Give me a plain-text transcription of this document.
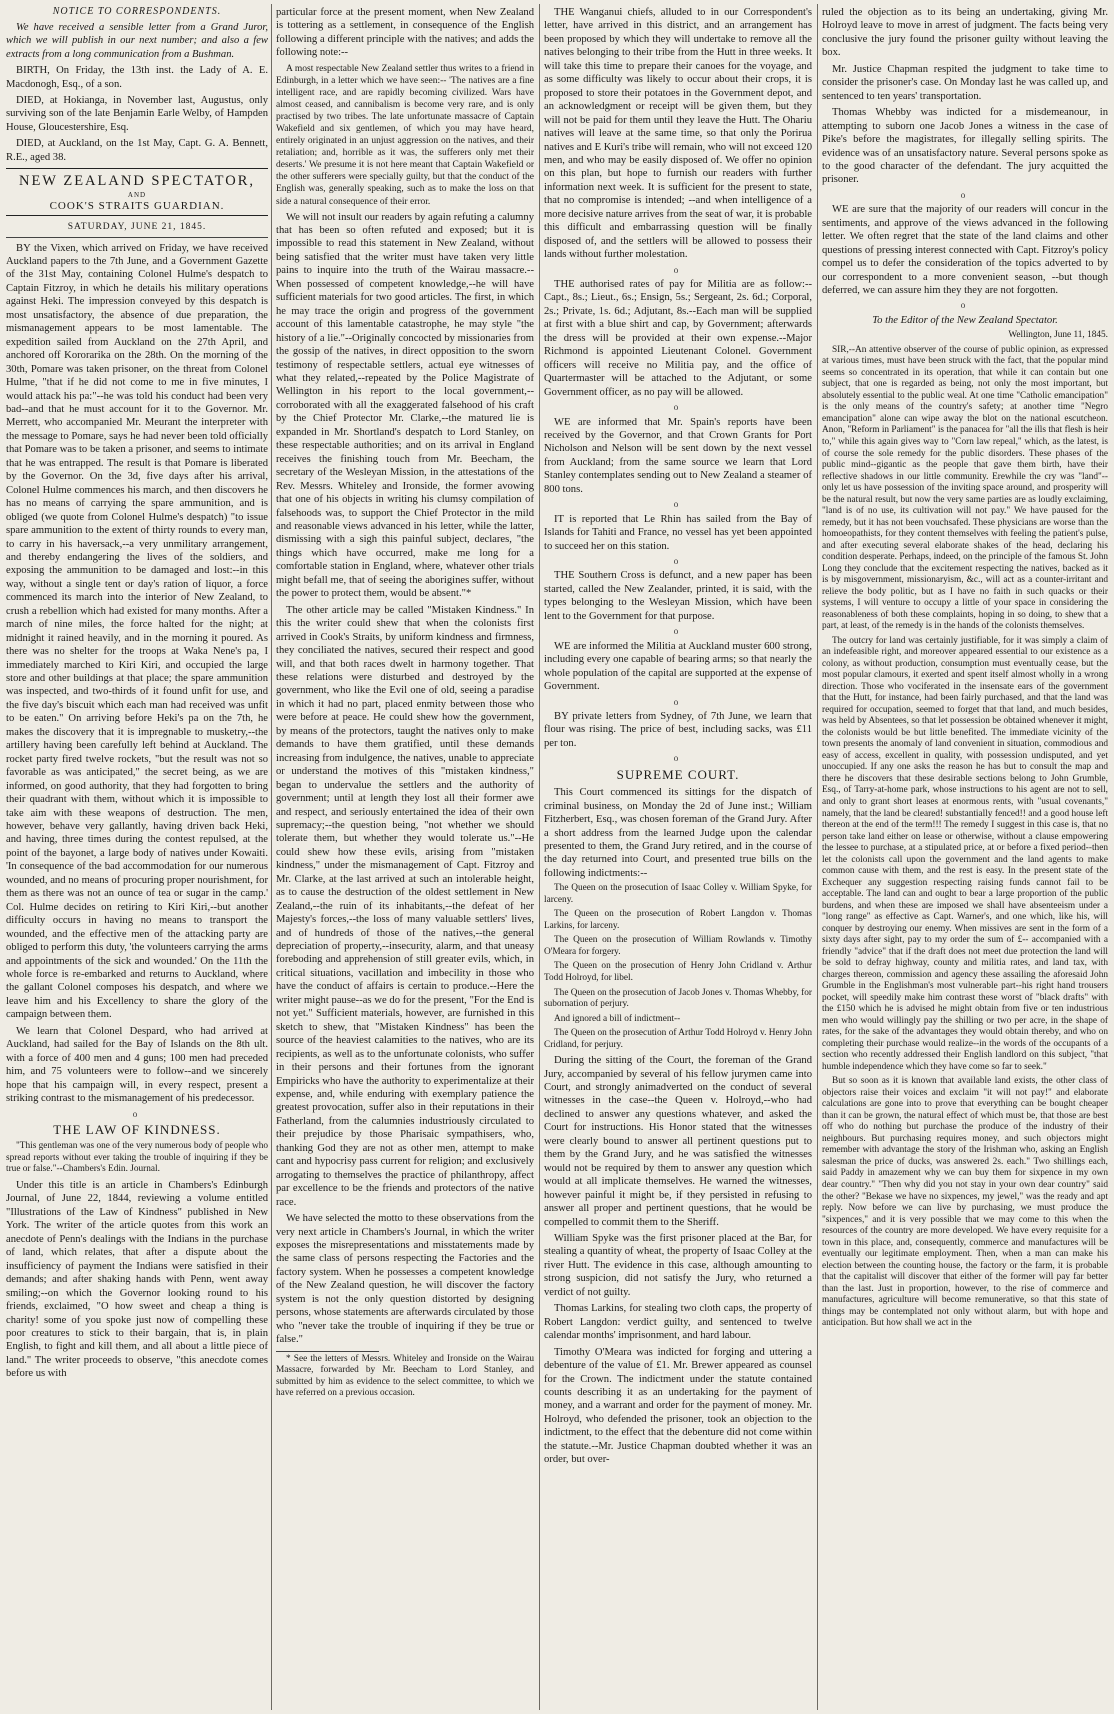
NOTICE TO CORRESPONDENTS.

We have received a sensible letter from a Grand Juror, which we will publish in our next number; and also a few extracts from a long communication from a Bushman.

BIRTH, On Friday, the 13th inst. the Lady of A. E. Macdonogh, Esq., of a son.

DIED, at Hokianga, in November last, Augustus, only surviving son of the late Benjamin Earle Welby, of Hampden House, Gloucestershire, Esq.

DIED, at Auckland, on the 1st May, Capt. G. A. Bennett, R.E., aged 38.

NEW ZEALAND SPECTATOR,
AND
COOK'S STRAITS GUARDIAN.
SATURDAY, JUNE 21, 1845.

BY the Vixen, which arrived on Friday, we have received Auckland papers to the 7th June, and a Government Gazette of the 31st May, containing Colonel Hulme's despatch to Captain Fitzroy, in which he details his military operations against Heki. The impression conveyed by this despatch is most unsatisfactory, the absence of due preparation, the mismanagement appears to be most lamentable. The expedition sailed from Auckland on the 27th April, and anchored off Kororarika on the 28th. On the morning of the 30th, Pomare was taken prisoner, on the threat from Colonel Hulme, "that if he did not come to me in five minutes, I would attack his pa:"--he was told his conduct had been very bad--and that he must account for it to the Governor. Mr. Merrett, who accompanied Mr. Meurant the interpreter with the message to Pomare, says he had never been told officially that Pomare was to be taken a prisoner, and seems to intimate that he was entrapped. The result is that Pomare is liberated by the Governor. On the 3d, five days after his arrival, Colonel Hulme commences his march, and then discovers he has no means of carrying the spare ammunition, and is obliged (we quote from Colonel Hulme's despatch) "to issue spare ammunition to the extent of thirty rounds to every man, to carry in his haversack,--a very unmilitary arrangement, and thereby endangering the lives of the soldiers, and exposing the ammunition to be damaged and lost:--in this way, without a single tent or day's ration of liquor, a force commenced its march into the interior of New Zealand, to crush a rebellion which had existed for many months. After a march of nine miles, the force halted for the night; at midnight it rained heavily, and in the morning it poured. As there was no shelter for the troops at Waka Nene's pa, I immediately marched to Kiri Kiri, and occupied the large store and other buildings at that place; the spare ammunition was inspected, and two-thirds of it found unfit for use, and the five day's biscuit which each man had received was unfit to be eaten." On arriving before Heki's pa on the 7th, he makes the discovery that it is impregnable to musketry,--the artillery having been carefully left behind at Auckland. The rocket party fired twelve rockets, "but the result was not so favorable as was anticipated," the secret being, as we are informed, on good authority, that they had forgotten to bring their quadrant with them, without which it is impossible to take aim with these weapons of destruction. The men, however, behave very gallantly, having driven back Heki, and having, three times during the contest repulsed, at the point of the bayonet, a large body of natives under Kowaiti. 'In consequence of the bad accommodation for our numerous wounded, and no means of procuring proper nourishment, for them as there was not an ounce of tea or sugar in the camp.' Col. Hulme decides on retiring to Kiri Kiri,--but another difficulty occurs in having no means to transport the wounded, and the effective men of the attacking party are obliged to perform this duty, 'the volunteers carrying the arms and appointments of the sick and wounded.' On the 11th the whole force is re-embarked and returns to Auckland, where the gallant Colonel composes his despatch, and where we leave him and his Excellency to share the glory of the campaign between them.

We learn that Colonel Despard, who had arrived at Auckland, had sailed for the Bay of Islands on the 8th ult. with a force of 400 men and 4 guns; 100 men had preceded him, and 75 volunteers were to follow--and we sincerely hope that his campaign will, in every respect, present a striking contrast to the mismanagement of his predecessor.

o
THE LAW OF KINDNESS.

"This gentleman was one of the very numerous body of people who spread reports without ever taking the trouble of inquiring if they be true or false."--Chambers's Edin. Journal.

Under this title is an article in Chambers's Edinburgh Journal, of June 22, 1844, reviewing a volume entitled "Illustrations of the Law of Kindness" published in New York. The writer of the article quotes from this work an anecdote of Penn's dealings with the Indians in the purchase of land, which relates, that after a dispute about the insufficiency of payment the Indians were satisfied in their demands; and after shaking hands with Penn, went away smiling;--on which the Governor looking round to his friends, exclaimed, "O how sweet and cheap a thing is charity! some of you spoke just now of compelling these poor creatures to stick to their bargain, that is, in plain English, to fight and kill them, and all about a little piece of land." The writer proceeds to observe, "this anecdote comes before us with

particular force at the present moment, when New Zealand is tottering as a settlement, in consequence of the English following a different principle with the natives; and adds the following note:--

A most respectable New Zealand settler thus writes to a friend in Edinburgh, in a letter which we have seen:-- 'The natives are a fine intelligent race, and are rapidly becoming civilized. Wars have almost ceased, and cannibalism is become very rare, and is only practised by two tribes. The late unfortunate massacre of Captain Wakefield and six gentlemen, of which you may have heard, entirely originated in an unjust aggression on the natives, and their retaliation; and, horrible as it was, the sufferers only met their deserts.' We presume it is not here meant that Captain Wakefield or the other sufferers were specially guilty, but that the conduct of the English was, generally speaking, such as to make the loss on that side a natural consequence of their error.

We will not insult our readers by again refuting a calumny that has been so often refuted and exposed; but it is impossible to read this statement in New Zealand, without being satisfied that the writer must have taken very little pains to inquire into the truth of the Wairau massacre.--When possessed of competent knowledge,--he will have sufficient materials for two good articles. The first, in which he may trace the origin and progress of the government account of this lamentable catastrophe, he may style "the history of a lie."--Originally concocted by missionaries from the gossip of the natives, in direct opposition to the sworn testimony of respectable settlers, actual eye witnesses of what they related,--repeated by the Police Magistrate of Wellington in his report to the local government,--corroborated with all the exaggerated falsehood of his craft by the Chief Protector Mr. Clarke,--the matured lie is expanded in Mr. Shortland's despatch to Lord Stanley, on these respectable authorities; and on its arrival in England receives the finishing touch from Mr. Beecham, the secretary of the Wesleyan Mission, in the attestations of the Rev. Messrs. Whiteley and Ironside, the former avowing that one of his objects in writing his clumsy compilation of falsehoods was, to support the Chief Protector in the mild and reasonable views advanced in his letter, while the latter, dismissing with a sigh this painful subject, declares, "the things which have occurred, make me long for a comfortable station in England, where, whatever other trials might befall me, that of seeing the aborigines suffer, without the power to protect them, would be absent."*

The other article may be called "Mistaken Kindness." In this the writer could shew that when the colonists first arrived in Cook's Straits, by uniform kindness and firmness, they conciliated the natives, secured their respect and good will, and that both races dwelt in harmony together. That these relations were disturbed and destroyed by the government, who like the Evil one of old, seeing a paradise in which it had no part, placed enmity between those who were before at peace. He could shew how the government, by means of the protectors, taught the natives only to make demands to have them gratified, until these demands increasing from indulgence, the natives, unable to appreciate or understand the motives of this "mistaken kindness," began to undervalue the settlers and the authority of government; until at length they lost all their former awe and respect, and seriously entertained the idea of their own supremacy;--the question being, "not whether we should tolerate them, but whether they would tolerate us."--He could shew how these evils, arising from "mistaken kindness," under the mismanagement of Capt. Fitzroy and Mr. Clarke, at the last arrived at such an intolerable height, as to cause the destruction of the oldest settlement in New Zealand,--the ruin of its inhabitants,--the defeat of her Majesty's forces,--the loss of many valuable settlers' lives, and of hundreds of those of the natives,--the general depreciation of property,--insecurity, alarm, and that uneasy foreboding and apprehension of still greater evils, which, in critical situations, vacillation and imbecility in those who have the conduct of affairs is certain to produce.--Here the writer might pause--as we do for the present, "For the End is not yet." Sufficient materials, however, are furnished in this sketch to shew, that "Mistaken Kindness" has been the source of the heaviest calamities to the natives, who are its recipients, as well as to the unfortunate colonists, who suffer in their persons and their fortunes from the ignorant Empiricks who have the authority to experimentalize at their expense, and, while enduring with exemplary patience the greatest provocation, suffer also in their reputations in their Fatherland, from the calumnies industriously circulated to their prejudice by those Pharisaic sympathisers, who, thanking God they are not as other men, attempt to make cant and hypocrisy pass current for religion; and exclusively arrogating to themselves the practice of philanthropy, affect par excellence to be the friends and protectors of the native race.

We have selected the motto to these observations from the very next article in Chambers's Journal, in which the writer exposes the misrepresentations and misstatements made by the same class of persons respecting the Factories and the factory system. When he possesses a competent knowledge of the New Zealand question, he will discover the factory system is not the only question distorted by designing persons, whose statements are afterwards circulated by those who "never take the trouble of inquiring if they be true or false."

* See the letters of Messrs. Whiteley and Ironside on the Wairau Massacre, forwarded by Mr. Beecham to Lord Stanley, and submitted by him as evidence to the select committee, to which we have referred on a previous occasion.

THE Wanganui chiefs, alluded to in our Correspondent's letter, have arrived in this district, and an arrangement has been proposed by which they will undertake to remove all the natives belonging to their tribe from the Hutt in three weeks. It will take this time to prepare their canoes for the voyage, and as some difficulty was likely to occur about their crops, it is proposed to store their potatoes in the Government depot, and an acknowledgment or receipt will be given them, but they will not be paid for them until they leave the Hutt. The Ohariu natives will leave at the same time, so that only the Porirua natives and E Kuri's tribe will remain, who will not exceed 120 men, and who may be easily disposed of. We offer no opinion on this plan, but hope to furnish our readers with further information next week. It is sufficient for the present to state, that no compromise is intended; --and when intelligence of a more decisive nature arrives from the seat of war, it is probable this difficult and embarrassing question will be finally disposed of, and the settlers will be allowed to possess their lands without further molestation.

o

THE authorised rates of pay for Militia are as follow:--Capt., 8s.; Lieut., 6s.; Ensign, 5s.; Sergeant, 2s. 6d.; Corporal, 2s.; Private, 1s. 6d.; Adjutant, 8s.--Each man will be supplied at first with a blue shirt and cap, by Government; afterwards the dress will be provided at their own expense.--Major Richmond is appointed Lieutenant Colonel. Government officers will receive no Militia pay, and the office of Quartermaster will be attached to the Adjutant, or some Government officer, as no pay will be allowed.

o

WE are informed that Mr. Spain's reports have been received by the Governor, and that Crown Grants for Port Nicholson and Nelson will be sent down by the next vessel from Auckland; from the same source we learn that Lord Stanley contemplates sending out to New Zealand a steamer of 800 tons.

o

IT is reported that Le Rhin has sailed from the Bay of Islands for Tahiti and France, no vessel has yet been appointed to succeed her on this station.

o

THE Southern Cross is defunct, and a new paper has been started, called the New Zealander, printed, it is said, with the types belonging to the Wesleyan Mission, which have been lent to the Government for that purpose.

o

WE are informed the Militia at Auckland muster 600 strong, including every one capable of bearing arms; so that nearly the whole population of the capital are supported at the expense of Government.

o

BY private letters from Sydney, of 7th June, we learn that flour was rising. The price of best, including sacks, was £11 per ton.

o
SUPREME COURT.

This Court commenced its sittings for the dispatch of criminal business, on Monday the 2d of June inst.; William Fitzherbert, Esq., was chosen foreman of the Grand Jury. After a short address from the learned Judge upon the calendar presented to them, the Grand Jury retired, and in the course of the day returned into Court, and presented true bills on the following indictments:--

The Queen on the prosecution of Isaac Colley v. William Spyke, for larceny.

The Queen on the prosecution of Robert Langdon v. Thomas Larkins, for larceny.

The Queen on the prosecution of William Rowlands v. Timothy O'Meara for forgery.

The Queen on the prosecution of Henry John Cridland v. Arthur Todd Holroyd, for libel.

The Queen on the prosecution of Jacob Jones v. Thomas Whebby, for subornation of perjury.

And ignored a bill of indictment--

The Queen on the prosecution of Arthur Todd Holroyd v. Henry John Cridland, for perjury.

During the sitting of the Court, the foreman of the Grand Jury, accompanied by several of his fellow jurymen came into Court, and strongly animadverted on the conduct of several witnesses in the case--the Queen v. Holroyd,--who had declined to answer any questions whatever, and asked the Court for instructions. His Honor stated that the witnesses were clearly bound to answer all pertinent questions put to them by the Grand Jury, and he was satisfied the witnesses would not be required by them to answer any question which would at all implicate themselves. He warned the witnesses, however painful it might be, if they persisted in refusing to answer all proper and pertinent questions, that he would be compelled to commit them to the Sheriff.

William Spyke was the first prisoner placed at the Bar, for stealing a quantity of wheat, the property of Isaac Colley at the river Hutt. The evidence in this case, although amounting to strong suspicion, did not satisfy the Jury, who returned a verdict of not guilty.

Thomas Larkins, for stealing two cloth caps, the property of Robert Langdon: verdict guilty, and sentenced to twelve calendar months' imprisonment, and hard labour.

Timothy O'Meara was indicted for forging and uttering a debenture of the value of £1. Mr. Brewer appeared as counsel for the Crown. The indictment under the statute contained counts describing it as an undertaking for the payment of money, and a warrant and order for the payment of money. Mr. Holroyd, who defended the prisoner, took an objection to the indictment, to the effect that the debenture did not come within the statute.--Mr. Justice Chapman doubted whether it was an order, but over-

ruled the objection as to its being an undertaking, giving Mr. Holroyd leave to move in arrest of judgment. The facts being very conclusive the jury found the prisoner guilty without leaving the box.

Mr. Justice Chapman respited the judgment to take time to consider the prisoner's case. On Monday last he was called up, and sentenced to ten years' transportation.

Thomas Whebby was indicted for a misdemeanour, in attempting to suborn one Jacob Jones a witness in the case of Pike's before the magistrates, for illegally selling spirits. The evidence was of an unsatisfactory nature. Several persons spoke as to the good character of the defendant. The jury acquitted the prisoner.

o

WE are sure that the majority of our readers will concur in the sentiments, and approve of the views advanced in the following letter. We often regret that the state of the land claims and other questions of pressing interest connected with Capt. Fitzroy's policy compel us to defer the consideration of the topics adverted to by our correspondent to a more convenient season, --but though deferred, we can assure him they they are not forgotten.

o

To the Editor of the New Zealand Spectator.

Wellington, June 11, 1845.

SIR,--An attentive observer of the course of public opinion, as expressed at various times, must have been struck with the fact, that the popular mind seems so concentrated in its operation, that while it can contain but one subject, that one is regarded as being, not only the most important, but absolutely essential to the public weal. At one time "Catholic emancipation" is the only means of the country's safety; at another time "Negro emancipation" alone can wipe away the blot on the national escutcheon. Anon, "Reform in Parliament" is the panacea for "all the ills that flesh is heir to," while this again gives way to "Corn law repeal," which, as the latest, is of course the sole remedy for the public disorders. These phases of the public mind--gigantic as the people that gave them birth, have their reflective shadows in our little community. Erewhile the cry was "land"--only let us have possession of the inviting space around, and prosperity will be the natural result, but now the very same parties are as loudly exclaiming, "land is of no use, its cultivation will not pay." We have paused for the remedy, but it has not been vouchsafed. These physicians are worse than the homoeopathists, for they content themselves with feeling the patient's pulse, and after executing several elaborate shakes of the head, declaring his condition desperate. Perhaps, indeed, on the principle of the famous St. John Long they conclude that the excitement respecting the natives, backed as it is by misgovernment, missionaryism, &c., will act as a counter-irritant and relieve the body politic, but as I have no faith in such quacks or their systems, I will venture to occupy a little of your space in considering the reasonableness of both these complaints, hoping in so doing, to shew that a part, at least, of the remedy is in the hands of the colonists themselves.

The outcry for land was certainly justifiable, for it was simply a claim of an indefeasible right, and moreover appeared essential to our existence as a colony, as without production, consumption must eventually cease, but the most popular clamours, it exerted and spent itself almost wholly in a wrong direction. Those who vociferated in the insensate ears of the government that the Hutt, for instance, had been fairly purchased, and that the land was required for occupation, seemed to forget that that land, and much besides, was held by Absentees, so that let possession be obtained whenever it might, the colonists would be but little benefited. The immediate vicinity of the town presents the anomaly of land convenient in situation, commodious and easy of access, excellent in quality, with possession undisputed, and yet unoccupied. If any one asks the reason he has but to consult the map and there he discovers that these desirable sections belong to John Grumble, Esq., of Tarry-at-home park, whose instructions to his agent are not to sell, and only to grant short leases at enormous rents, with "usual covenants," namely, that the land be cleared! substantially fenced!! and a good house left thereon at the end of the term!!! The remedy I suggest in this case is, that no person take land either on lease or otherwise, without a clause empowering the lessee to purchase, at a stipulated price, at or before a fixed period--then let the colonists call upon the government and the land agents to make common cause with them, and the rest is easy. In the present state of the Exchequer any suggestion respecting raising funds cannot fail to be acceptable. The land can and ought to bear a large proportion of the public burdens, and when these are imposed we shall have absenteeism under a "long range" as effective as Capt. Warner's, and one which, like his, will conquer by destroying our enemy. When missives are sent in the form of a sixty days after sight, pay to my order the sum of £-- accompanied with a friendly "advice" that if the draft does not meet due protection the land will be sold to defray highway, county and militia rates, and land tax, with charges thereon, commission and agency these assailing the aforesaid John Grumble in the Englishman's most vulnerable part--his right hand trousers pocket, will speedily make him contrast these worst of "black drafts" with the £150 which he is advised he might obtain from five or ten industrious men who would willingly pay the shilling or two per acre, in the shape of rates, for the sake of the advantages they would obtain thereby, and who on completing their purchase would realize--in the words of the occupants of a section who recently addressed their English landlord on this subject, "that humble independence which they have come so far to seek."

But so soon as it is known that available land exists, the other class of objectors raise their voices and exclaim "it will not pay!" and elaborate calculations are gone into to prove that everything can be bought cheaper than it can be grown, the natural effect of which must be, that those are best off who do nothing but purchase the produce of the industry of their neighbours. But purchasing requires money, and such objectors might remember with advantage the story of the Irishman who, asking an English salesman the price of ducks, was answered 2s. each." Two shillings each, said Paddy in amazement why we can buy them for sixpence in my own dear country." "Then why did you not stay in your own dear country" said the other? "Bekase we have no sixpences, my jewel," was the ready and apt reply. Now before we can live by purchasing, we must produce the "sixpences," and it is very possible that we may come to this when the resources of the country are more developed. We have every requisite for a town in this place, and, consequently, commerce and manufactures will be eventually our legitimate employment. Then, when a man can make his election between the counting house, the factory or the farm, it is probable that the capitalist will discover that either of the former will pay far better than the last. Just in proportion, however, to the rise of commerce and manufactures, agriculture will become remunerative, so that this state of things may be contemplated not only without alarm, but with hope and anticipation. But how shall we act in the
